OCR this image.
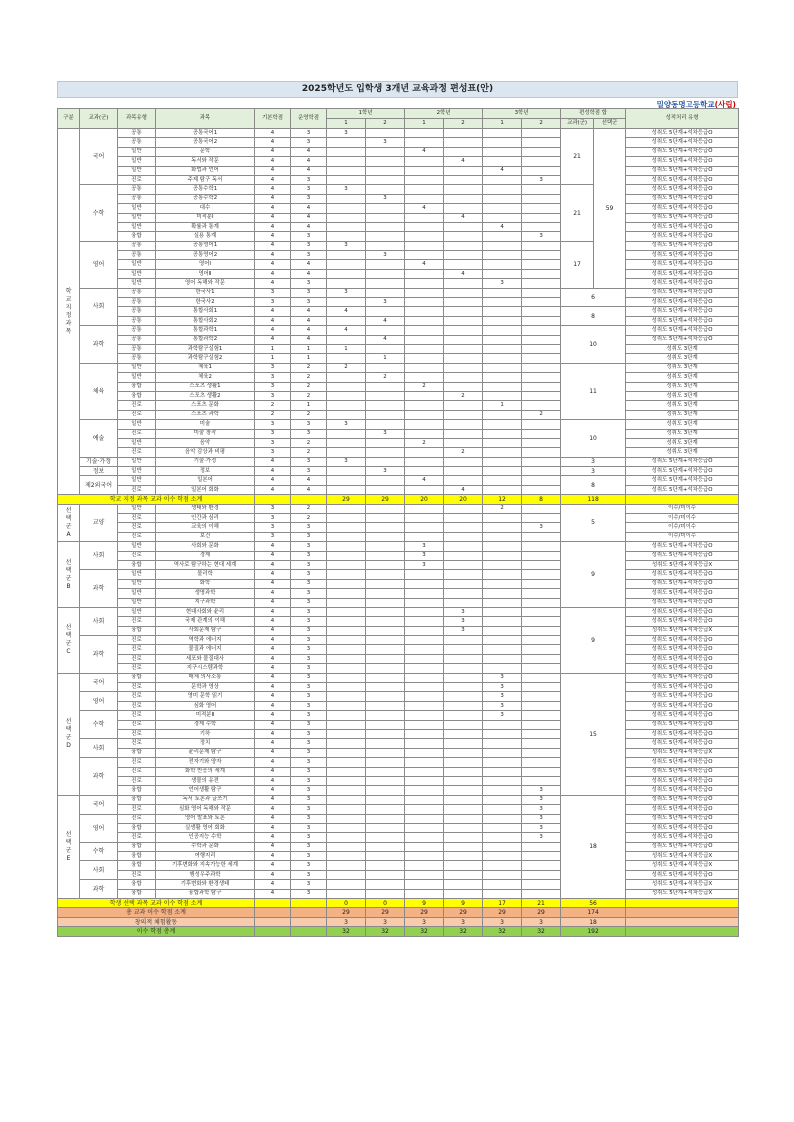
2025학년도 입학생 3개년 교육과정 편성표(안)
밀양동명고등학교(사립)
구분	교과(군)	과목유형	과목	기본학점	운영학점	1학년		2학년		3학년		편성학점 합		성적처리 유형
						1	2	1	2	1	2	교과(군)	선택군	
학교지정과목	국어	공통	공통국어1	4	3	3						21	59	성취도 5단계+석차등급O
		공통	공통국어2	4	3		3							성취도 5단계+석차등급O
		일반	문학	4	4			4						성취도 5단계+석차등급O
		일반	독서와 작문	4	4				4					성취도 5단계+석차등급O
		일반	화법과 언어	4	4					4				성취도 5단계+석차등급O
		진로	주제 탐구 독서	4	3						3			성취도 5단계+석차등급O
	수학	공통	공통수학1	4	3	3						21		성취도 5단계+석차등급O
		공통	공통수학2	4	3		3							성취도 5단계+석차등급O
		일반	대수	4	4			4						성취도 5단계+석차등급O
		일반	미적분Ⅰ	4	4				4					성취도 5단계+석차등급O
		일반	확률과 통계	4	4					4				성취도 5단계+석차등급O
		융합	실용 통계	4	3						3			성취도 5단계+석차등급O
	영어	공통	공통영어1	4	3	3						17		성취도 5단계+석차등급O
		공통	공통영어2	4	3		3							성취도 5단계+석차등급O
		일반	영어Ⅰ	4	4			4						성취도 5단계+석차등급O
		일반	영어Ⅱ	4	4				4					성취도 5단계+석차등급O
		일반	영어 독해와 작문	4	3					3				성취도 5단계+석차등급O
	사회	공통	한국사1	3	3	3						6		성취도 5단계+석차등급O
		공통	한국사2	3	3		3							성취도 5단계+석차등급O
		공통	통합사회1	4	4	4						8		성취도 5단계+석차등급O
		공통	통합사회2	4	4		4							성취도 5단계+석차등급O
	과학	공통	통합과학1	4	4	4						10		성취도 5단계+석차등급O
		공통	통합과학2	4	4		4							성취도 5단계+석차등급O
		공통	과학탐구실험1	1	1	1								성취도 3단계
		공통	과학탐구실험2	1	1		1							성취도 3단계
	체육	일반	체육1	3	2	2						11		성취도 3단계
		일반	체육2	3	2		2							성취도 3단계
		융합	스포츠 생활1	3	2			2						성취도 3단계
		융합	스포츠 생활2	3	2				2					성취도 3단계
		진로	스포츠 문화	2	1					1				성취도 3단계
		진로	스포츠 과학	2	2						2			성취도 3단계
	예술	일반	미술	3	3	3						10		성취도 3단계
		진로	미술 창작	3	3		3							성취도 3단계
		일반	음악	3	2			2						성취도 3단계
		진로	음악 감상과 비평	3	2				2					성취도 3단계
	기술·가정	일반	기술·가정	4	3	3						3		성취도 5단계+석차등급O
	정보	일반	정보	4	3		3					3		성취도 5단계+석차등급O
	제2외국어	일반	일본어	4	4			4				8		성취도 5단계+석차등급O
		진로	일본어 회화	4	4				4					성취도 5단계+석차등급O
학교 지정 과목 교과 이수 학점 소계						29	29	20	20	12	8	118		
선택군A	교양	일반	생태와 환경	3	2					2		5		이수/미이수
		진로	인간과 심리	3	2									이수/미이수
		진로	교육의 이해	3	3						3			이수/미이수
		진로	보건	3	3									이수/미이수
선택군B	사회	일반	사회와 문화	4	3			3				9		성취도 5단계+석차등급O
		진로	경제	4	3			3						성취도 5단계+석차등급O
		융합	역사로 탐구하는 현대 세계	4	3			3						성취도 5단계+석차등급X
	과학	일반	물리학	4	3									성취도 5단계+석차등급O
		일반	화학	4	3									성취도 5단계+석차등급O
		일반	생명과학	4	3									성취도 5단계+석차등급O
		일반	지구과학	4	3									성취도 5단계+석차등급O
선택군C	사회	일반	현대사회와 윤리	4	3				3			9		성취도 5단계+석차등급O
		진로	국제 관계의 이해	4	3				3					성취도 5단계+석차등급O
		융합	사회문제 탐구	4	3				3					성취도 5단계+석차등급X
	과학	진로	역학과 에너지	4	3									성취도 5단계+석차등급O
		진로	물질과 에너지	4	3									성취도 5단계+석차등급O
		진로	세포와 물질대사	4	3									성취도 5단계+석차등급O
		진로	지구시스템과학	4	3									성취도 5단계+석차등급O
선택군D	국어	융합	매체 의사소통	4	3					3		15		성취도 5단계+석차등급O
		진로	문학과 영상	4	3					3				성취도 5단계+석차등급O
	영어	진로	영미 문학 읽기	4	3					3				성취도 5단계+석차등급O
		진로	심화 영어	4	3					3				성취도 5단계+석차등급O
	수학	진로	미적분Ⅱ	4	3					3				성취도 5단계+석차등급O
		진로	경제 수학	4	3									성취도 5단계+석차등급O
		진로	기하	4	3									성취도 5단계+석차등급O
	사회	진로	정치	4	3									성취도 5단계+석차등급O
		융합	윤리문제 탐구	4	3									성취도 5단계+석차등급X
	과학	진로	전자기와 양자	4	3									성취도 5단계+석차등급O
		진로	화학 반응의 세계	4	3									성취도 5단계+석차등급O
		진로	생물의 유전	4	3									성취도 5단계+석차등급O
		융합	언어생활 탐구	4	3						3			성취도 5단계+석차등급O
선택군E	국어	융합	독서 토론과 글쓰기	4	3						3	18		성취도 5단계+석차등급O
		진로	심화 영어 독해와 작문	4	3						3			성취도 5단계+석차등급O
	영어	진로	영어 발표와 토론	4	3						3			성취도 5단계+석차등급O
		융합	실생활 영어 회화	4	3						3			성취도 5단계+석차등급O
		진로	인공지능 수학	4	3						3			성취도 5단계+석차등급O
	수학	융합	수학과 문화	4	3									성취도 5단계+석차등급O
		융합	여행지리	4	3									성취도 5단계+석차등급X
	사회	융합	기후변화와 지속가능한 세계	4	3									성취도 5단계+석차등급X
		진로	행성우주과학	4	3									성취도 5단계+석차등급O
	과학	융합	기후변화와 환경생태	4	3									성취도 5단계+석차등급X
		융합	융합과학 탐구	4	3									성취도 5단계+석차등급X
학생 선택 과목 교과 이수 학점 소계						0	0	9	9	17	21	56		
총 교과 이수 학점 소계						29	29	29	29	29	29	174		
창의적 체험활동						3	3	3	3	3	3	18		
이수 학점 총계						32	32	32	32	32	32	192		
